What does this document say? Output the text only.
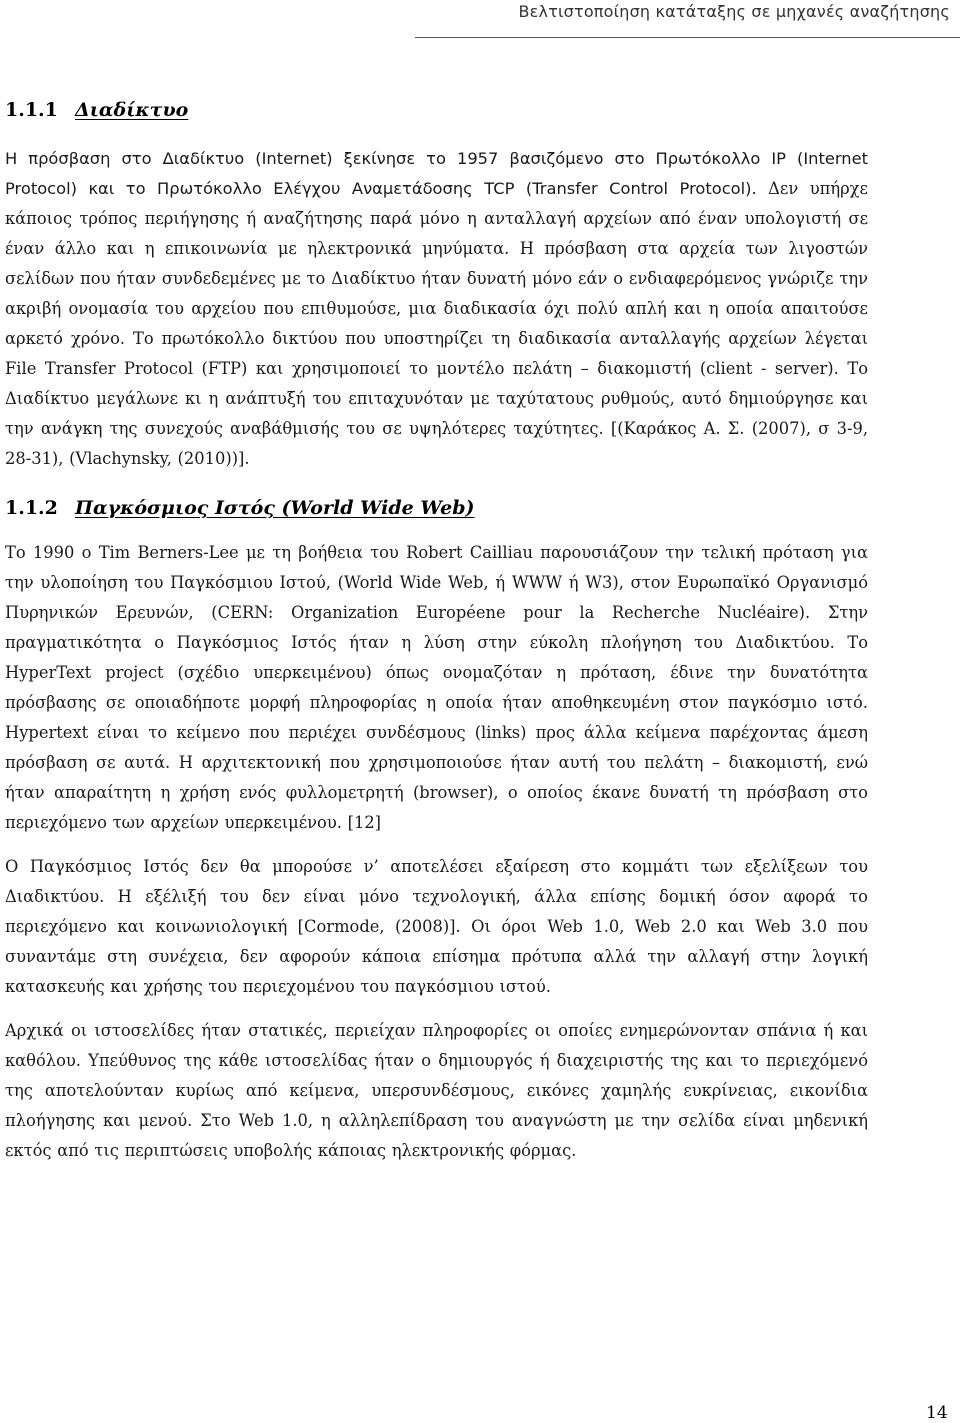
Βελτιστοποίηση κατάταξης σε μηχανές αναζήτησης
1.1.1 Διαδίκτυο

Η πρόσβαση στο Διαδίκτυο (Internet) ξεκίνησε το 1957 βασιζόμενο στο Πρωτόκολλο IP (Internet Protocol) και το Πρωτόκολλο Ελέγχου Αναμετάδοσης TCP (Transfer Control Protocol). Δεν υπήρχε κάποιος τρόπος περιήγησης ή αναζήτησης παρά μόνο η ανταλλαγή αρχείων από έναν υπολογιστή σε έναν άλλο και η επικοινωνία με ηλεκτρονικά μηνύματα. Η πρόσβαση στα αρχεία των λιγοστών σελίδων που ήταν συνδεδεμένες με το Διαδίκτυο ήταν δυνατή μόνο εάν ο ενδιαφερόμενος γνώριζε την ακριβή ονομασία του αρχείου που επιθυμούσε, μια διαδικασία όχι πολύ απλή και η οποία απαιτούσε αρκετό χρόνο. Το πρωτόκολλο δικτύου που υποστηρίζει τη διαδικασία ανταλλαγής αρχείων λέγεται File Transfer Protocol (FTP) και χρησιμοποιεί το μοντέλο πελάτη – διακομιστή (client - server). Το Διαδίκτυο μεγάλωνε κι η ανάπτυξή του επιταχυνόταν με ταχύτατους ρυθμούς, αυτό δημιούργησε και την ανάγκη της συνεχούς αναβάθμισής του σε υψηλότερες ταχύτητες. [(Καράκος Α. Σ. (2007), σ 3-9, 28-31), (Vlachynsky, (2010))].

1.1.2 Παγκόσμιος Ιστός (World Wide Web)

Το 1990 ο Tim Berners-Lee με τη βοήθεια του Robert Cailliau παρουσιάζουν την τελική πρόταση για την υλοποίηση του Παγκόσμιου Ιστού, (World Wide Web, ή WWW ή W3), στον Ευρωπαϊκό Οργανισμό Πυρηνικών Ερευνών, (CERN: Organization Européene pour la Recherche Nucléaire). Στην πραγματικότητα ο Παγκόσμιος Ιστός ήταν η λύση στην εύκολη πλοήγηση του Διαδικτύου. Το HyperText project (σχέδιο υπερκειμένου) όπως ονομαζόταν η πρόταση, έδινε την δυνατότητα πρόσβασης σε οποιαδήποτε μορφή πληροφορίας η οποία ήταν αποθηκευμένη στον παγκόσμιο ιστό. Hypertext είναι το κείμενο που περιέχει συνδέσμους (links) προς άλλα κείμενα παρέχοντας άμεση πρόσβαση σε αυτά. Η αρχιτεκτονική που χρησιμοποιούσε ήταν αυτή του πελάτη – διακομιστή, ενώ ήταν απαραίτητη η χρήση ενός φυλλομετρητή (browser), ο οποίος έκανε δυνατή τη πρόσβαση στο περιεχόμενο των αρχείων υπερκειμένου. [12]

Ο Παγκόσμιος Ιστός δεν θα μπορούσε ν’ αποτελέσει εξαίρεση στο κομμάτι των εξελίξεων του Διαδικτύου. Η εξέλιξή του δεν είναι μόνο τεχνολογική, άλλα επίσης δομική όσον αφορά το περιεχόμενο και κοινωνιολογική [Cormode, (2008)]. Οι όροι Web 1.0, Web 2.0 και Web 3.0 που συναντάμε στη συνέχεια, δεν αφορούν κάποια επίσημα πρότυπα αλλά την αλλαγή στην λογική κατασκευής και χρήσης του περιεχομένου του παγκόσμιου ιστού.

Αρχικά οι ιστοσελίδες ήταν στατικές, περιείχαν πληροφορίες οι οποίες ενημερώνονταν σπάνια ή και καθόλου. Υπεύθυνος της κάθε ιστοσελίδας ήταν ο δημιουργός ή διαχειριστής της και το περιεχόμενό της αποτελούνταν κυρίως από κείμενα, υπερσυνδέσμους, εικόνες χαμηλής ευκρίνειας, εικονίδια πλοήγησης και μενού. Στο Web 1.0, η αλληλεπίδραση του αναγνώστη με την σελίδα είναι μηδενική εκτός από τις περιπτώσεις υποβολής κάποιας ηλεκτρονικής φόρμας.

14
